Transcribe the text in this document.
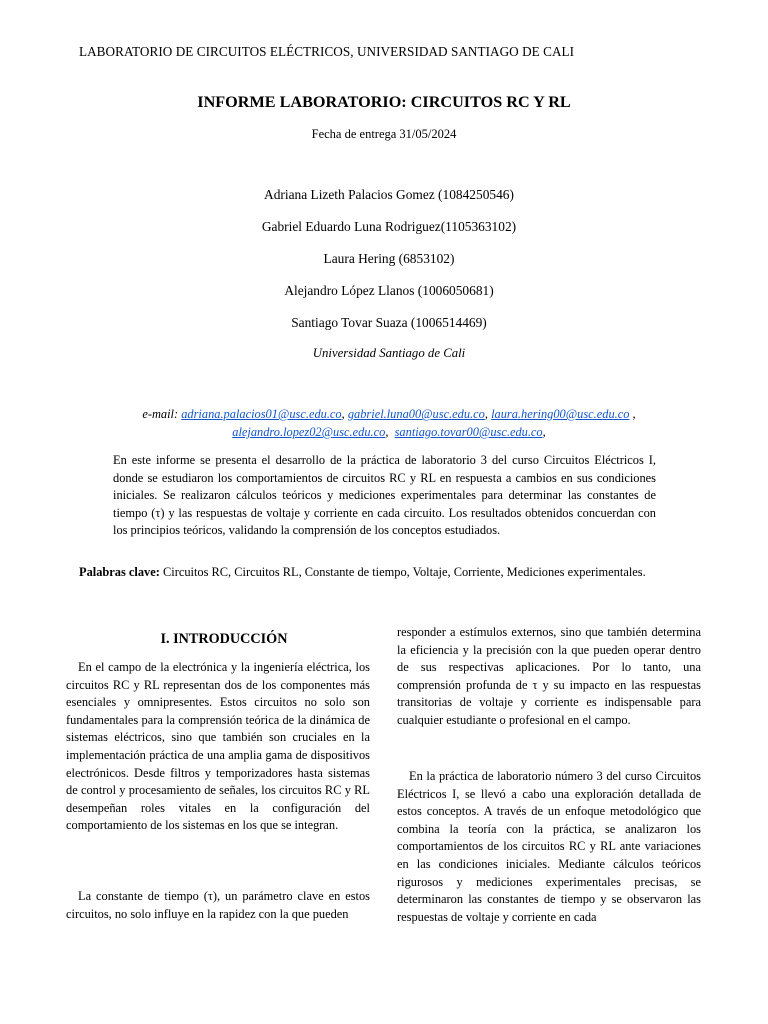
LABORATORIO DE CIRCUITOS ELÉCTRICOS, UNIVERSIDAD SANTIAGO DE CALI
INFORME LABORATORIO: CIRCUITOS RC Y RL
Fecha de entrega 31/05/2024
Adriana Lizeth Palacios Gomez (1084250546)
Gabriel Eduardo Luna Rodriguez(1105363102)
Laura Hering (6853102)
Alejandro López Llanos (1006050681)
Santiago Tovar Suaza (1006514469)
Universidad Santiago de Cali
e-mail: adriana.palacios01@usc.edu.co, gabriel.luna00@usc.edu.co, laura.hering00@usc.edu.co ,
alejandro.lopez02@usc.edu.co,  santiago.tovar00@usc.edu.co,
En este informe se presenta el desarrollo de la práctica de laboratorio 3 del curso Circuitos Eléctricos I, donde se estudiaron los comportamientos de circuitos RC y RL en respuesta a cambios en sus condiciones iniciales. Se realizaron cálculos teóricos y mediciones experimentales para determinar las constantes de tiempo (τ) y las respuestas de voltaje y corriente en cada circuito. Los resultados obtenidos concuerdan con los principios teóricos, validando la comprensión de los conceptos estudiados.
Palabras clave: Circuitos RC, Circuitos RL, Constante de tiempo, Voltaje, Corriente, Mediciones experimentales.
I. INTRODUCCIÓN

En el campo de la electrónica y la ingeniería eléctrica, los circuitos RC y RL representan dos de los componentes más esenciales y omnipresentes. Estos circuitos no solo son fundamentales para la comprensión teórica de la dinámica de sistemas eléctricos, sino que también son cruciales en la implementación práctica de una amplia gama de dispositivos electrónicos. Desde filtros y temporizadores hasta sistemas de control y procesamiento de señales, los circuitos RC y RL desempeñan roles vitales en la configuración del comportamiento de los sistemas en los que se integran.

La constante de tiempo (τ), un parámetro clave en estos circuitos, no solo influye en la rapidez con la que pueden

responder a estímulos externos, sino que también determina la eficiencia y la precisión con la que pueden operar dentro de sus respectivas aplicaciones. Por lo tanto, una comprensión profunda de τ y su impacto en las respuestas transitorias de voltaje y corriente es indispensable para cualquier estudiante o profesional en el campo.

En la práctica de laboratorio número 3 del curso Circuitos Eléctricos I, se llevó a cabo una exploración detallada de estos conceptos. A través de un enfoque metodológico que combina la teoría con la práctica, se analizaron los comportamientos de los circuitos RC y RL ante variaciones en las condiciones iniciales. Mediante cálculos teóricos rigurosos y mediciones experimentales precisas, se determinaron las constantes de tiempo y se observaron las respuestas de voltaje y corriente en cada
